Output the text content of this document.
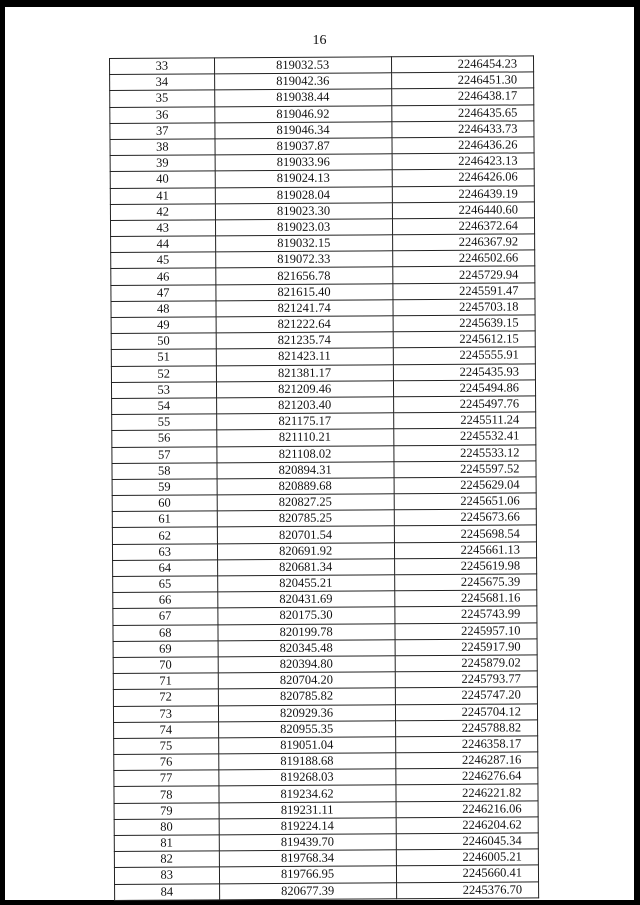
16
33	819032.53	2246454.23
34	819042.36	2246451.30
35	819038.44	2246438.17
36	819046.92	2246435.65
37	819046.34	2246433.73
38	819037.87	2246436.26
39	819033.96	2246423.13
40	819024.13	2246426.06
41	819028.04	2246439.19
42	819023.30	2246440.60
43	819023.03	2246372.64
44	819032.15	2246367.92
45	819072.33	2246502.66
46	821656.78	2245729.94
47	821615.40	2245591.47
48	821241.74	2245703.18
49	821222.64	2245639.15
50	821235.74	2245612.15
51	821423.11	2245555.91
52	821381.17	2245435.93
53	821209.46	2245494.86
54	821203.40	2245497.76
55	821175.17	2245511.24
56	821110.21	2245532.41
57	821108.02	2245533.12
58	820894.31	2245597.52
59	820889.68	2245629.04
60	820827.25	2245651.06
61	820785.25	2245673.66
62	820701.54	2245698.54
63	820691.92	2245661.13
64	820681.34	2245619.98
65	820455.21	2245675.39
66	820431.69	2245681.16
67	820175.30	2245743.99
68	820199.78	2245957.10
69	820345.48	2245917.90
70	820394.80	2245879.02
71	820704.20	2245793.77
72	820785.82	2245747.20
73	820929.36	2245704.12
74	820955.35	2245788.82
75	819051.04	2246358.17
76	819188.68	2246287.16
77	819268.03	2246276.64
78	819234.62	2246221.82
79	819231.11	2246216.06
80	819224.14	2246204.62
81	819439.70	2246045.34
82	819768.34	2246005.21
83	819766.95	2245660.41
84	820677.39	2245376.70
